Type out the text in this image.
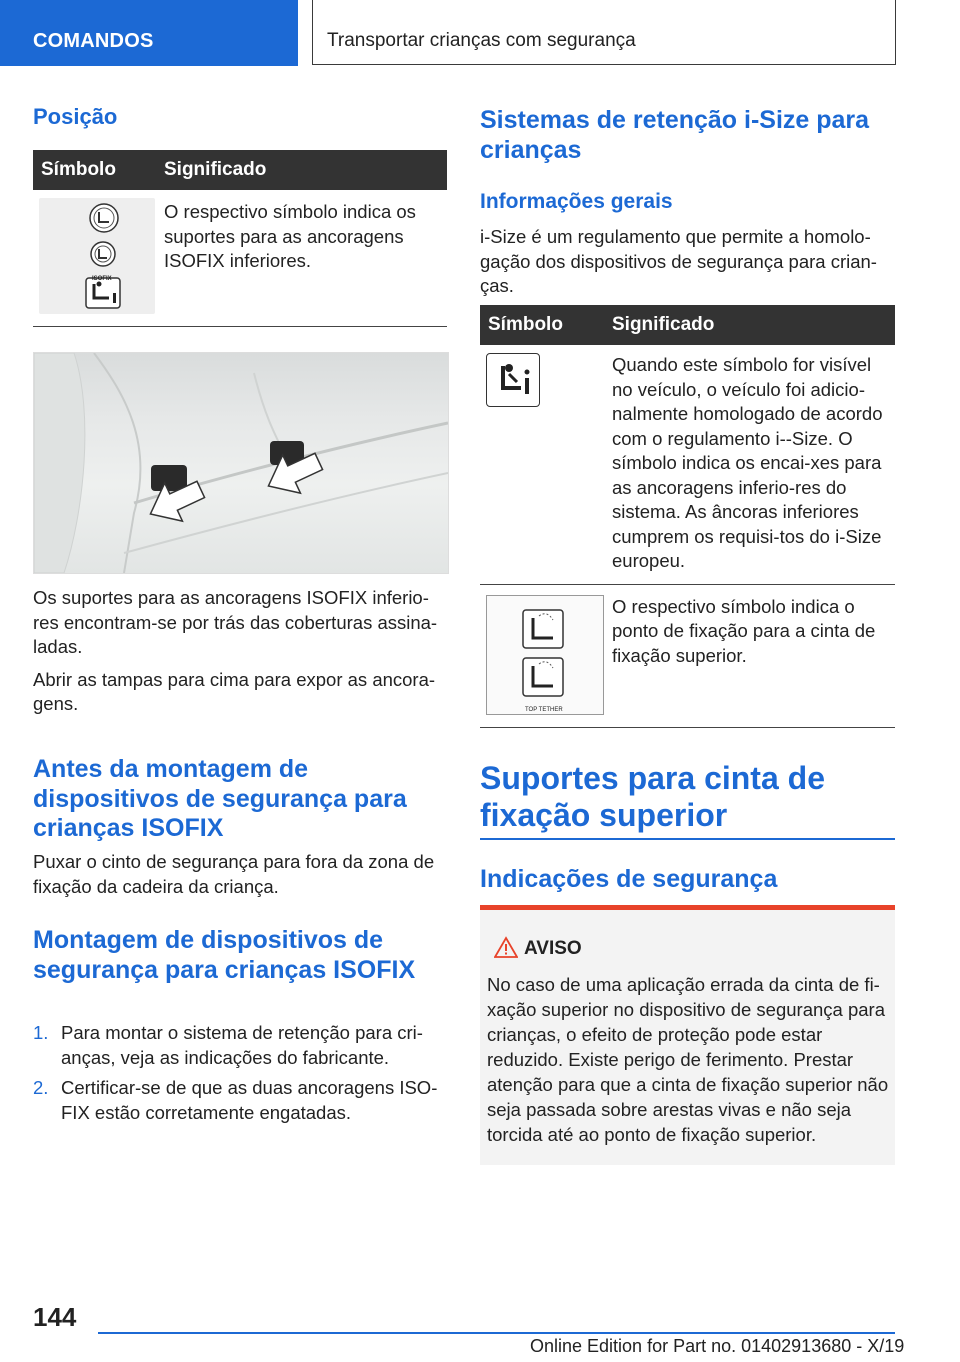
COMANDOS	Transportar crianças com segurança
Posição
Símbolo	Significado

ISOFIX	O respectivo símbolo indica os suportes para as ancoragens ISOFIX inferiores.

Os suportes para as ancoragens ISOFIX inferio-res encontram-se por trás das coberturas assina-ladas.

Abrir as tampas para cima para expor as ancora-gens.

Antes da montagem de dispositivos de segurança para crianças ISOFIX

Puxar o cinto de segurança para fora da zona de fixação da cadeira da criança.

Montagem de dispositivos de segurança para crianças ISOFIX
1. Para montar o sistema de retenção para cri-anças, veja as indicações do fabricante.
2. Certificar-se de que as duas ancoragens ISO-FIX estão corretamente engatadas.
Sistemas de retenção i-Size para crianças
Informações gerais

i-Size é um regulamento que permite a homolo-gação dos dispositivos de segurança para crian-ças.

Símbolo	Significado

	Quando este símbolo for visível no veículo, o veículo foi adicio-nalmente homologado de acordo com o regulamento i--Size. O símbolo indica os encai-xes para as ancoragens inferio-res do sistema. As âncoras inferiores cumprem os requisi-tos do i-Size europeu.

TOP TETHER	O respectivo símbolo indica o ponto de fixação para a cinta de fixação superior.
Suportes para cinta de fixação superior
Indicações de segurança
AVISO
No caso de uma aplicação errada da cinta de fi-xação superior no dispositivo de segurança para crianças, o efeito de proteção pode estar reduzido. Existe perigo de ferimento. Prestar atenção para que a cinta de fixação superior não seja passada sobre arestas vivas e não seja torcida até ao ponto de fixação superior.
144
Online Edition for Part no. 01402913680 - X/19
